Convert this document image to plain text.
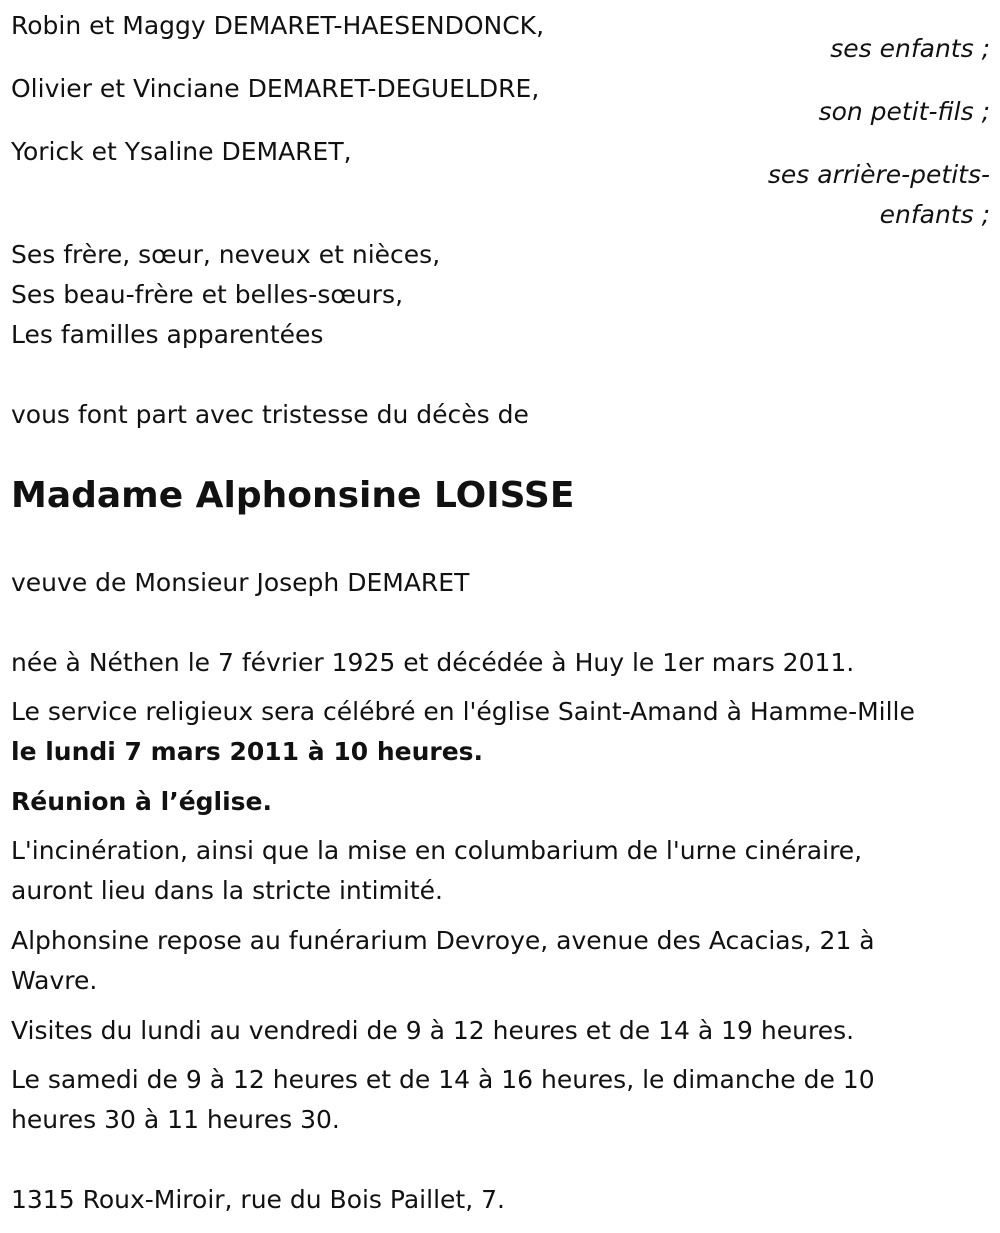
Robin et Maggy DEMARET-HAESENDONCK,
ses enfants ;
Olivier et Vinciane DEMARET-DEGUELDRE,
son petit-fils ;
Yorick et Ysaline DEMARET,
ses arrière-petits-
enfants ;
Ses frère, sœur, neveux et nièces,
Ses beau-frère et belles-sœurs,
Les familles apparentées
vous font part avec tristesse du décès de
Madame Alphonsine LOISSE
veuve de Monsieur Joseph DEMARET
née à Néthen le 7 février 1925 et décédée à Huy le 1er mars 2011.
Le service religieux sera célébré en l'église Saint-Amand à Hamme-Mille
le lundi 7 mars 2011 à 10 heures.
Réunion à l’église.
L'incinération, ainsi que la mise en columbarium de l'urne cinéraire,
auront lieu dans la stricte intimité.
Alphonsine repose au funérarium Devroye, avenue des Acacias, 21 à
Wavre.
Visites du lundi au vendredi de 9 à 12 heures et de 14 à 19 heures.
Le samedi de 9 à 12 heures et de 14 à 16 heures, le dimanche de 10
heures 30 à 11 heures 30.
1315 Roux-Miroir, rue du Bois Paillet, 7.
